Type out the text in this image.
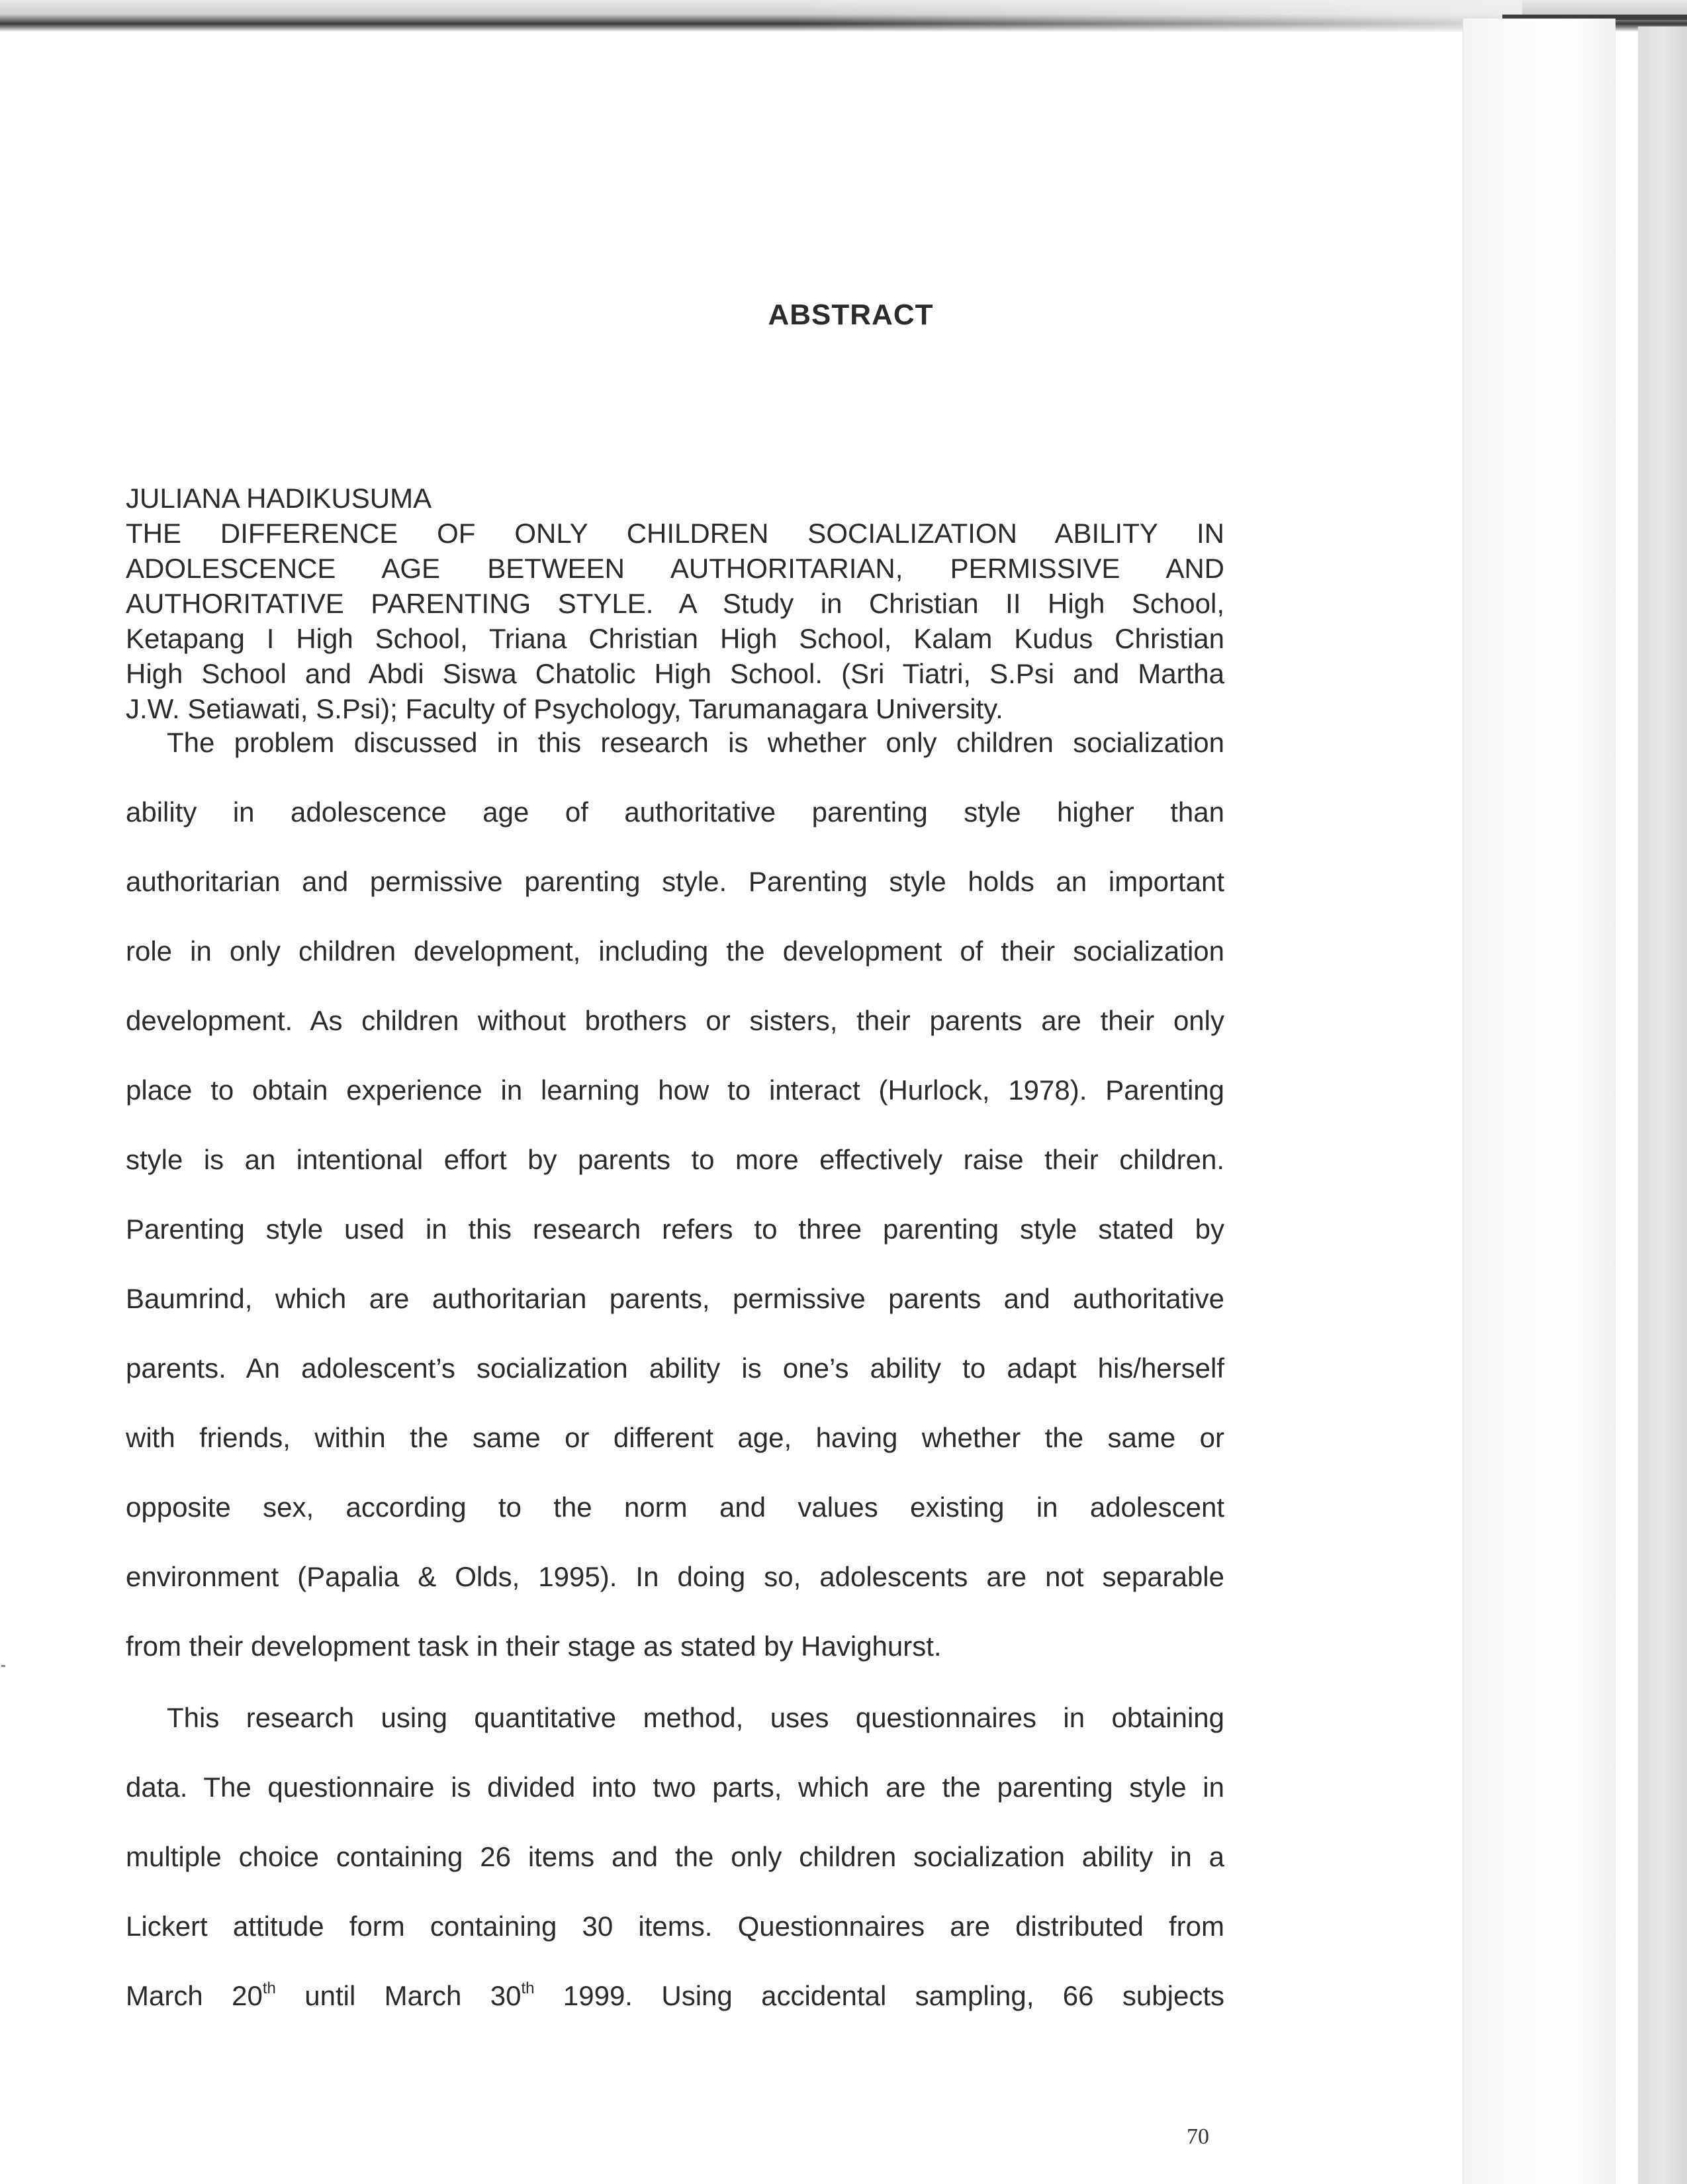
ABSTRACT
JULIANA HADIKUSUMA
THE DIFFERENCE OF ONLY CHILDREN SOCIALIZATION ABILITY IN
ADOLESCENCE AGE BETWEEN AUTHORITARIAN, PERMISSIVE AND
AUTHORITATIVE PARENTING STYLE. A Study in Christian II High School,
Ketapang I High School, Triana Christian High School, Kalam Kudus Christian
High School and Abdi Siswa Chatolic High School. (Sri Tiatri, S.Psi and Martha
J.W. Setiawati, S.Psi); Faculty of Psychology, Tarumanagara University.
The problem discussed in this research is whether only children socialization
ability in adolescence age of authoritative parenting style higher than
authoritarian and permissive parenting style. Parenting style holds an important
role in only children development, including the development of their socialization
development. As children without brothers or sisters, their parents are their only
place to obtain experience in learning how to interact (Hurlock, 1978). Parenting
style is an intentional effort by parents to more effectively raise their children.
Parenting style used in this research refers to three parenting style stated by
Baumrind, which are authoritarian parents, permissive parents and authoritative
parents. An adolescent’s socialization ability is one’s ability to adapt his/herself
with friends, within the same or different age, having whether the same or
opposite sex, according to the norm and values existing in adolescent
environment (Papalia & Olds, 1995). In doing so, adolescents are not separable
from their development task in their stage as stated by Havighurst.
This research using quantitative method, uses questionnaires in obtaining
data. The questionnaire is divided into two parts, which are the parenting style in
multiple choice containing 26 items and the only children socialization ability in a
Lickert attitude form containing 30 items. Questionnaires are distributed from
March 20th until March 30th 1999. Using accidental sampling, 66 subjects
70
